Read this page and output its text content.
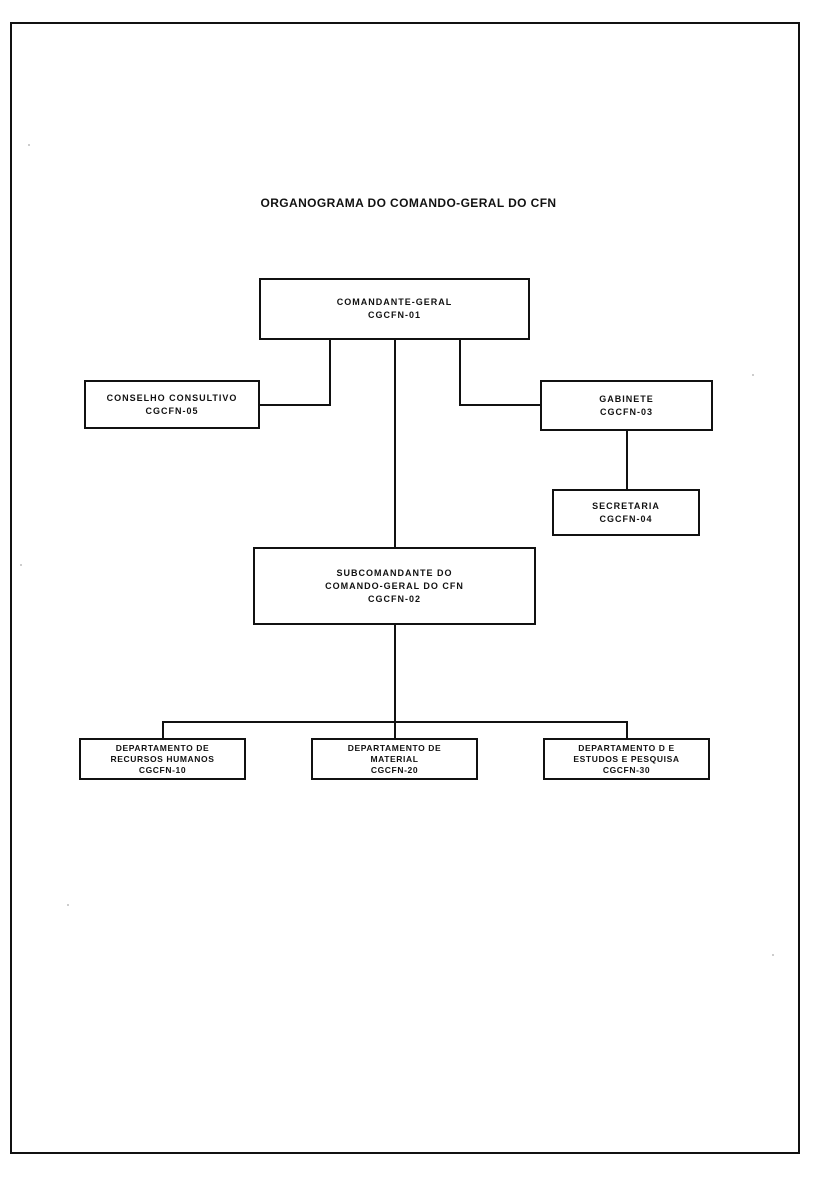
ORGANOGRAMA DO COMANDO-GERAL DO CFN
COMANDANTE-GERAL
CGCFN-01
CONSELHO CONSULTIVO
CGCFN-05
GABINETE
CGCFN-03
SECRETARIA
CGCFN-04
SUBCOMANDANTE DO
COMANDO-GERAL DO CFN
CGCFN-02
DEPARTAMENTO DE
RECURSOS HUMANOS
CGCFN-10
DEPARTAMENTO DE
MATERIAL
CGCFN-20
DEPARTAMENTO D E
ESTUDOS E PESQUISA
CGCFN-30
